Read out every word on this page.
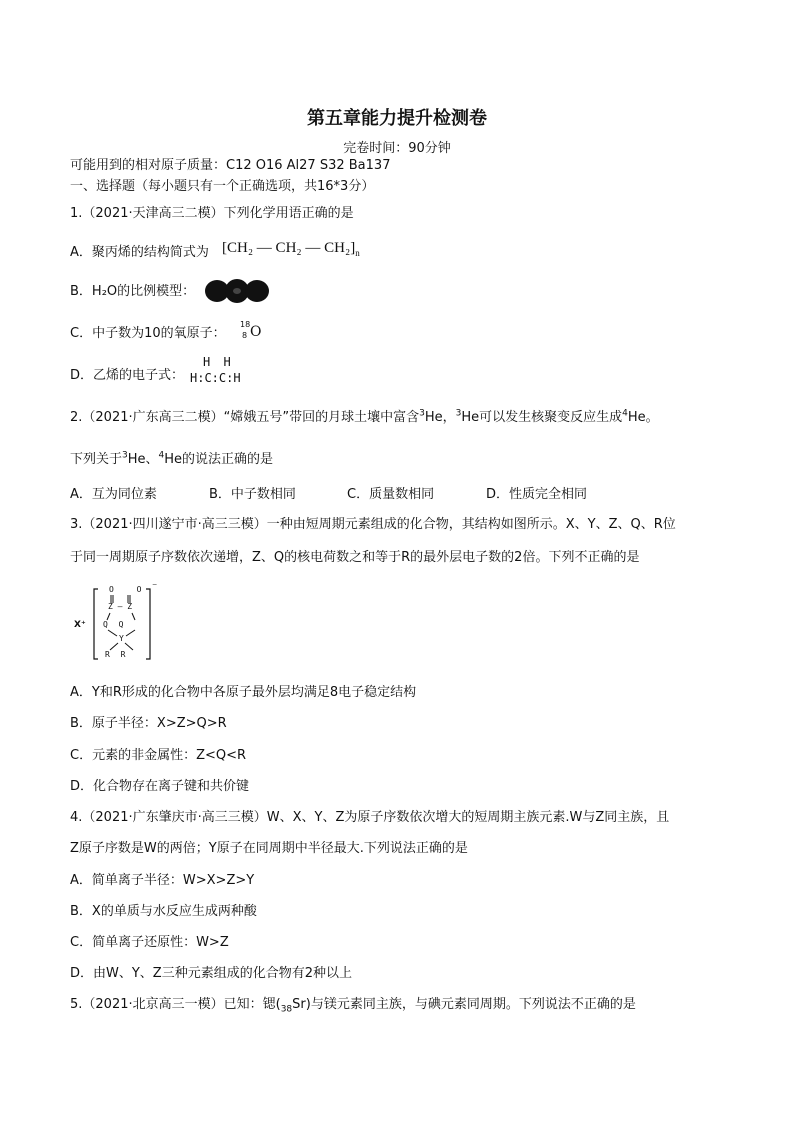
第五章能力提升检测卷
完卷时间：90分钟
可能用到的相对原子质量：C12 O16 Al27 S32 Ba137
一、选择题（每小题只有一个正确选项，共16*3分）
1.（2021·天津高三二模）下列化学用语正确的是
A．聚丙烯的结构简式为 [CH₂ — CH₂ — $CH_2]_n$
B．H₂O的比例模型：
C．中子数为10的氧原子：
18
8 O
D．乙烯的电子式：
H H
H:C:C:H
2.（2021·广东高三二模）“嫦娥五号”带回的月球土壤中富含$^3$He，$^3$He可以发生核聚变反应生成$^4$He。
下列关于$^3$He、$^4$He的说法正确的是
A．互为同位素	B．中子数相同	C．质量数相同	D．性质完全相同
3.（2021·四川遂宁市·高三三模）一种由短周期元素组成的化合物，其结构如图所示。X、Y、Z、Q、R位
于同一周期原子序数依次递增，Z、Q的核电荷数之和等于R的最外层电子数的2倍。下列不正确的是
O O
Z — Z
Q Q
Y
R R
X⁺
⁻
A．Y和R形成的化合物中各原子最外层均满足8电子稳定结构
B．原子半径：X>Z>Q>R
C．元素的非金属性：Z<Q<R
D．化合物存在离子键和共价键
4.（2021·广东肇庆市·高三三模）W、X、Y、Z为原子序数依次增大的短周期主族元素.W与Z同主族，且
Z原子序数是W的两倍；Y原子在同周期中半径最大.下列说法正确的是
A．简单离子半径：W>X>Z>Y
B．X的单质与水反应生成两种酸
C．简单离子还原性：W>Z
D．由W、Y、Z三种元素组成的化合物有2种以上
5.（2021·北京高三一模）已知：锶$(_{38}Sr)$与镁元素同主族，与碘元素同周期。下列说法不正确的是
